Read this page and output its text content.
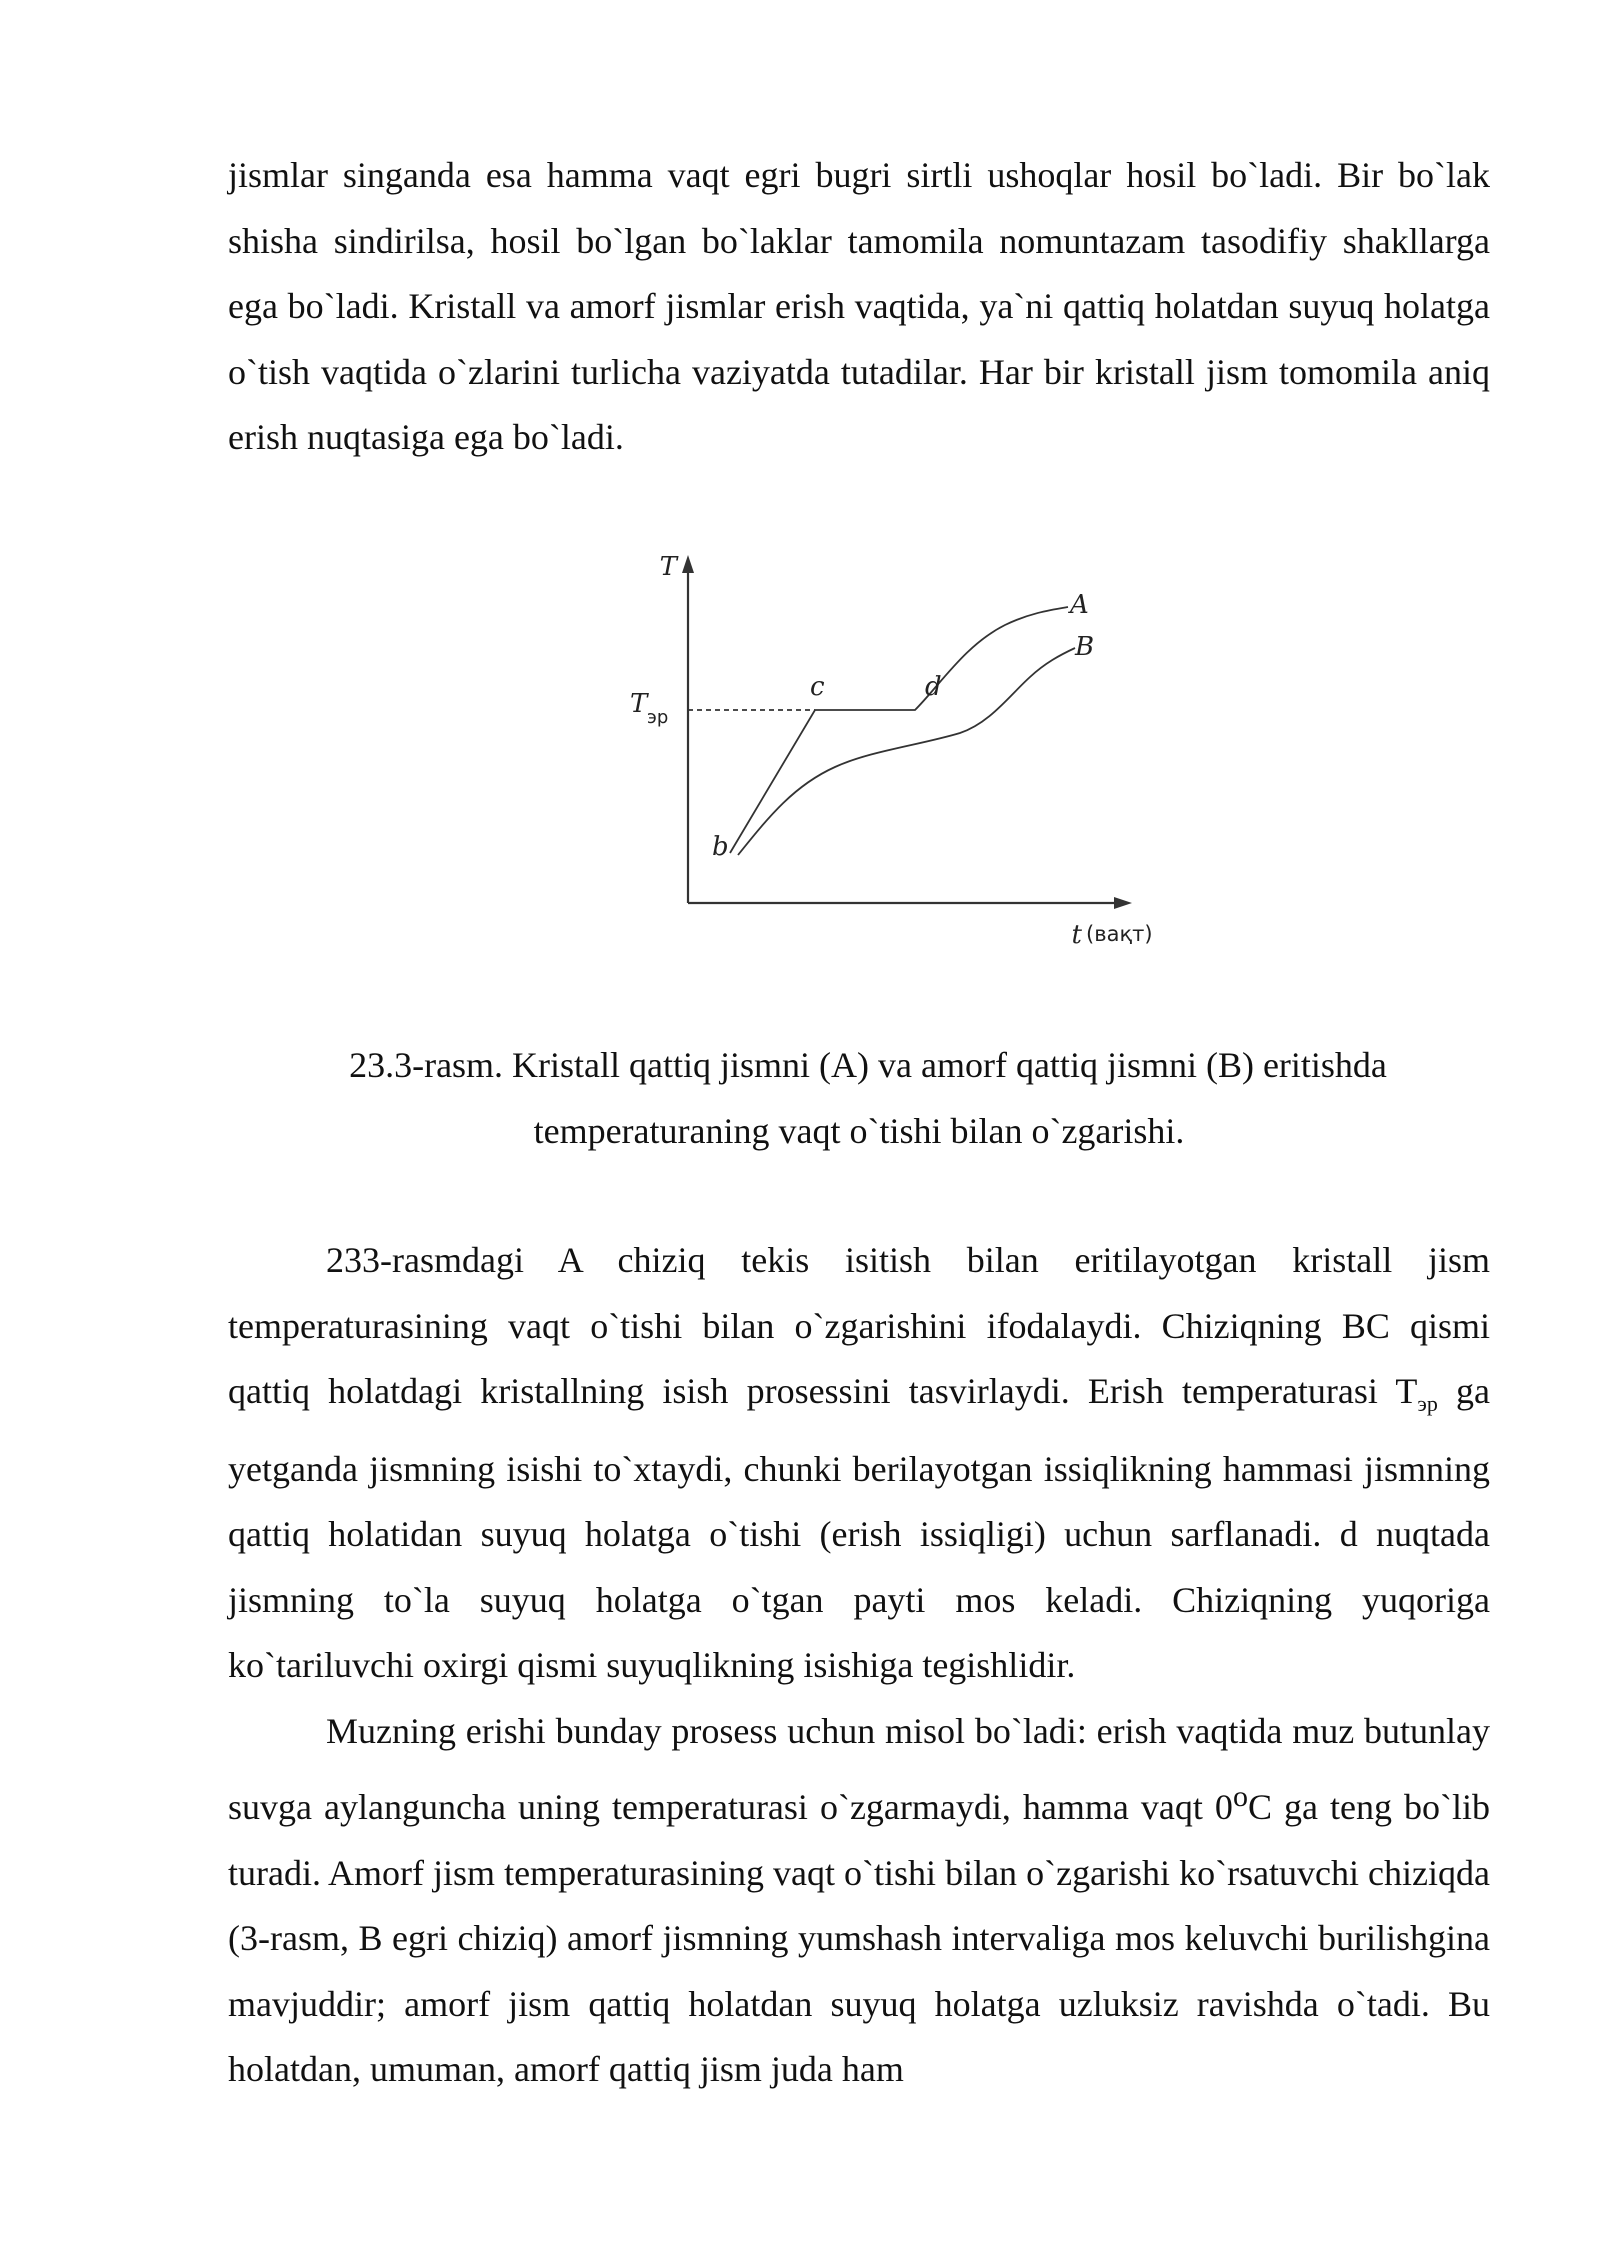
jismlar singanda esa hamma vaqt egri bugri sirtli ushoqlar hosil bo`ladi. Bir bo`lak shisha sindirilsa, hosil bo`lgan bo`laklar tamomila nomuntazam tasodifiy shakllarga ega bo`ladi. Kristall va amorf jismlar erish vaqtida, ya`ni qattiq holatdan suyuq holatga o`tish vaqtida o`zlarini turlicha vaziyatda tutadilar. Har bir kristall jism tomomila aniq erish nuqtasiga ega bo`ladi.

T
T эр
b
c	d
A
B
t (вақт)
23.3-rasm. Kristall qattiq jismni (A) va amorf qattiq jismni (B) eritishda
temperaturaning vaqt o`tishi bilan o`zgarishi.

233-rasmdagi A chiziq tekis isitish bilan eritilayotgan kristall jism temperaturasining vaqt o`tishi bilan o`zgarishini ifodalaydi. Chiziqning BC qismi qattiq holatdagi kristallning isish prosessini tasvirlaydi. Erish temperaturasi $T_{эр}$ ga yetganda jismning isishi to`xtaydi, chunki berilayotgan issiqlikning hammasi jismning qattiq holatidan suyuq holatga o`tishi (erish issiqligi) uchun sarflanadi. d nuqtada jismning to`la suyuq holatga o`tgan payti mos keladi. Chiziqning yuqoriga ko`tariluvchi oxirgi qismi suyuqlikning isishiga tegishlidir.

Muzning erishi bunday prosess uchun misol bo`ladi: erish vaqtida muz butunlay suvga aylanguncha uning temperaturasi o`zgarmaydi, hamma vaqt 0$^o$C ga teng bo`lib turadi. Amorf jism temperaturasining vaqt o`tishi bilan o`zgarishi ko`rsatuvchi chiziqda (3-rasm, B egri chiziq) amorf jismning yumshash intervaliga mos keluvchi burilishgina mavjuddir; amorf jism qattiq holatdan suyuq holatga uzluksiz ravishda o`tadi. Bu holatdan, umuman, amorf qattiq jism juda ham
